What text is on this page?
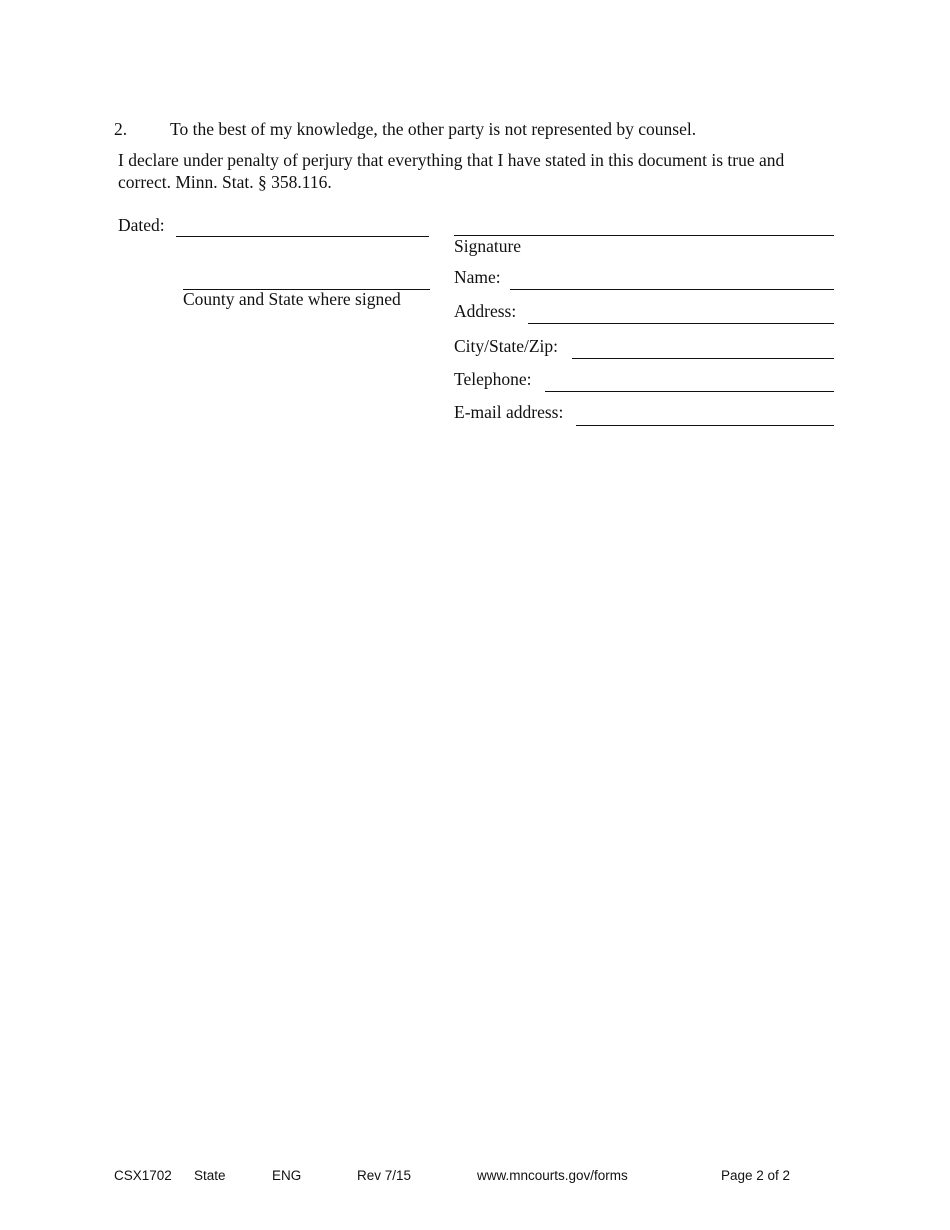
2. To the best of my knowledge, the other party is not represented by counsel.
I declare under penalty of perjury that everything that I have stated in this document is true and
correct. Minn. Stat. § 358.116.
Dated:
County and State where signed
Signature
Name:
Address:
City/State/Zip:
Telephone:
E-mail address:
CSX1702 State	ENG	Rev 7/15	www.mncourts.gov/forms	Page 2 of 2
